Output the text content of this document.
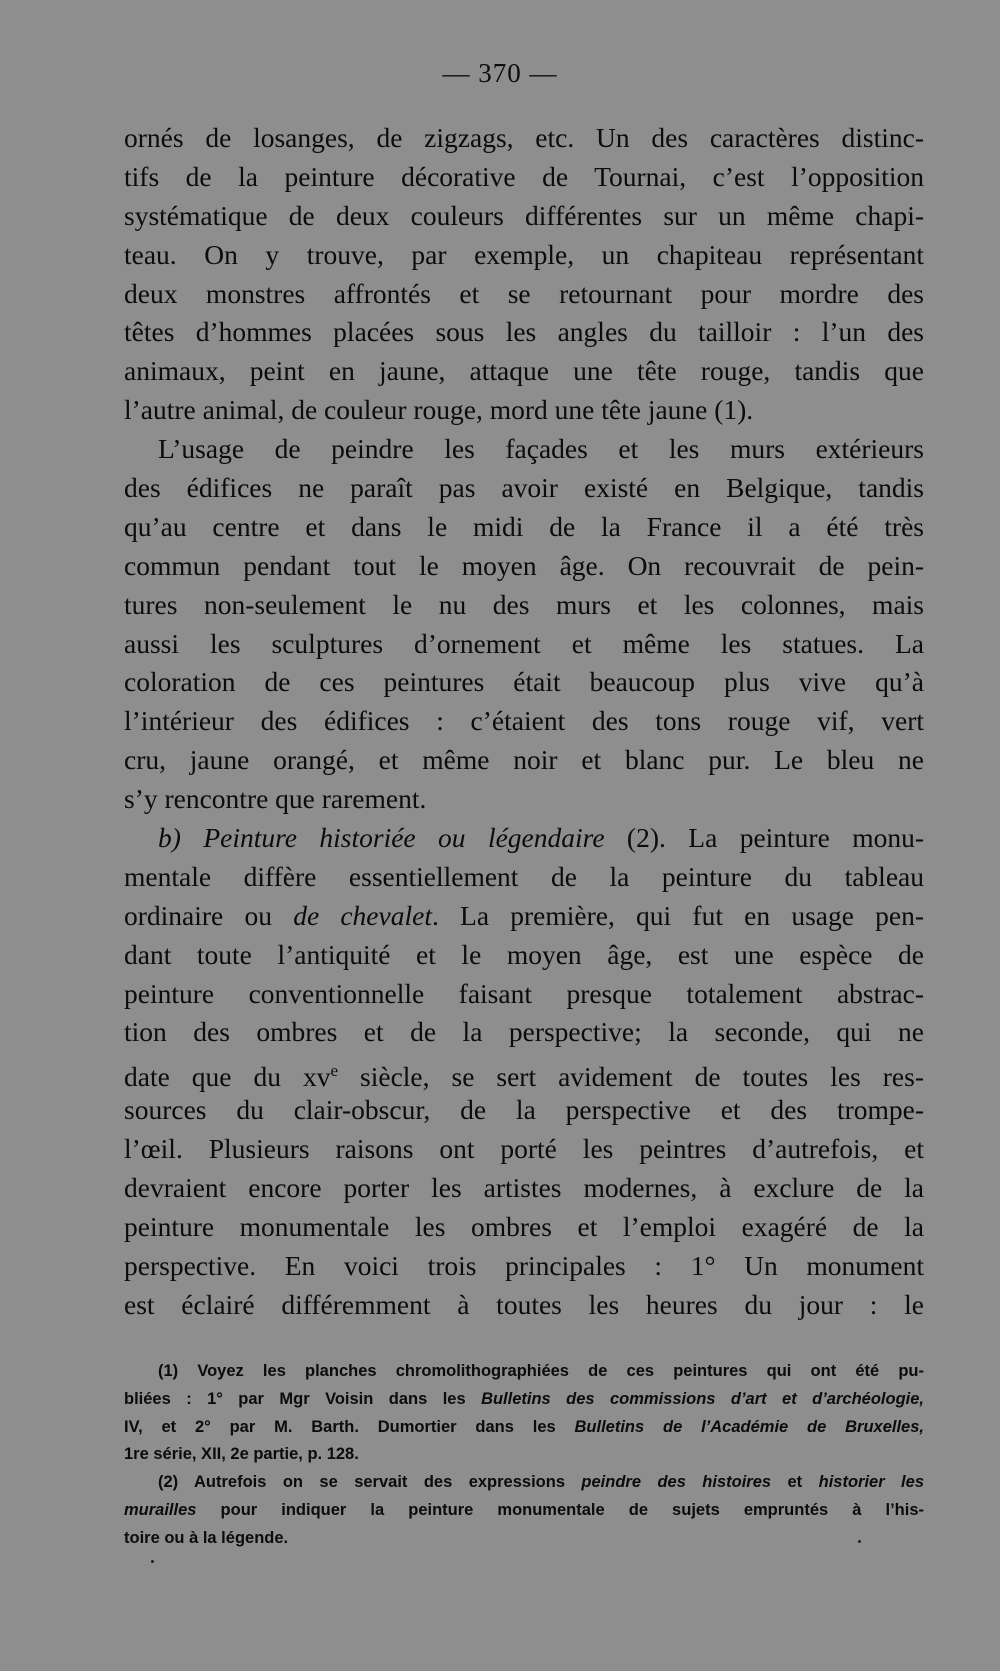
— 370 —
ornés de losanges, de zigzags, etc. Un des caractères distinc-
tifs de la peinture décorative de Tournai, c’est l’opposition
systématique de deux couleurs différentes sur un même chapi-
teau. On y trouve, par exemple, un chapiteau représentant
deux monstres affrontés et se retournant pour mordre des
têtes d’hommes placées sous les angles du tailloir : l’un des
animaux, peint en jaune, attaque une tête rouge, tandis que
l’autre animal, de couleur rouge, mord une tête jaune (1).
L’usage de peindre les façades et les murs extérieurs
des édifices ne paraît pas avoir existé en Belgique, tandis
qu’au centre et dans le midi de la France il a été très
commun pendant tout le moyen âge. On recouvrait de pein-
tures non-seulement le nu des murs et les colonnes, mais
aussi les sculptures d’ornement et même les statues. La
coloration de ces peintures était beaucoup plus vive qu’à
l’intérieur des édifices : c’étaient des tons rouge vif, vert
cru, jaune orangé, et même noir et blanc pur. Le bleu ne
s’y rencontre que rarement.
b) Peinture historiée ou légendaire (2). La peinture monu-
mentale diffère essentiellement de la peinture du tableau
ordinaire ou de chevalet. La première, qui fut en usage pen-
dant toute l’antiquité et le moyen âge, est une espèce de
peinture conventionnelle faisant presque totalement abstrac-
tion des ombres et de la perspective; la seconde, qui ne
date que du $xv^e$ siècle, se sert avidement de toutes les res-
sources du clair-obscur, de la perspective et des trompe-
l’œil. Plusieurs raisons ont porté les peintres d’autrefois, et
devraient encore porter les artistes modernes, à exclure de la
peinture monumentale les ombres et l’emploi exagéré de la
perspective. En voici trois principales : 1° Un monument
est éclairé différemment à toutes les heures du jour : le
(1) Voyez les planches chromolithographiées de ces peintures qui ont été pu-
bliées : 1° par Mgr Voisin dans les Bulletins des commissions d’art et d’archéologie,
IV, et 2° par M. Barth. Dumortier dans les Bulletins de l’Académie de Bruxelles,
1re série, XII, 2e partie, p. 128.
(2) Autrefois on se servait des expressions peindre des histoires et historier les
murailles pour indiquer la peinture monumentale de sujets empruntés à l’his-
toire ou à la légende.
